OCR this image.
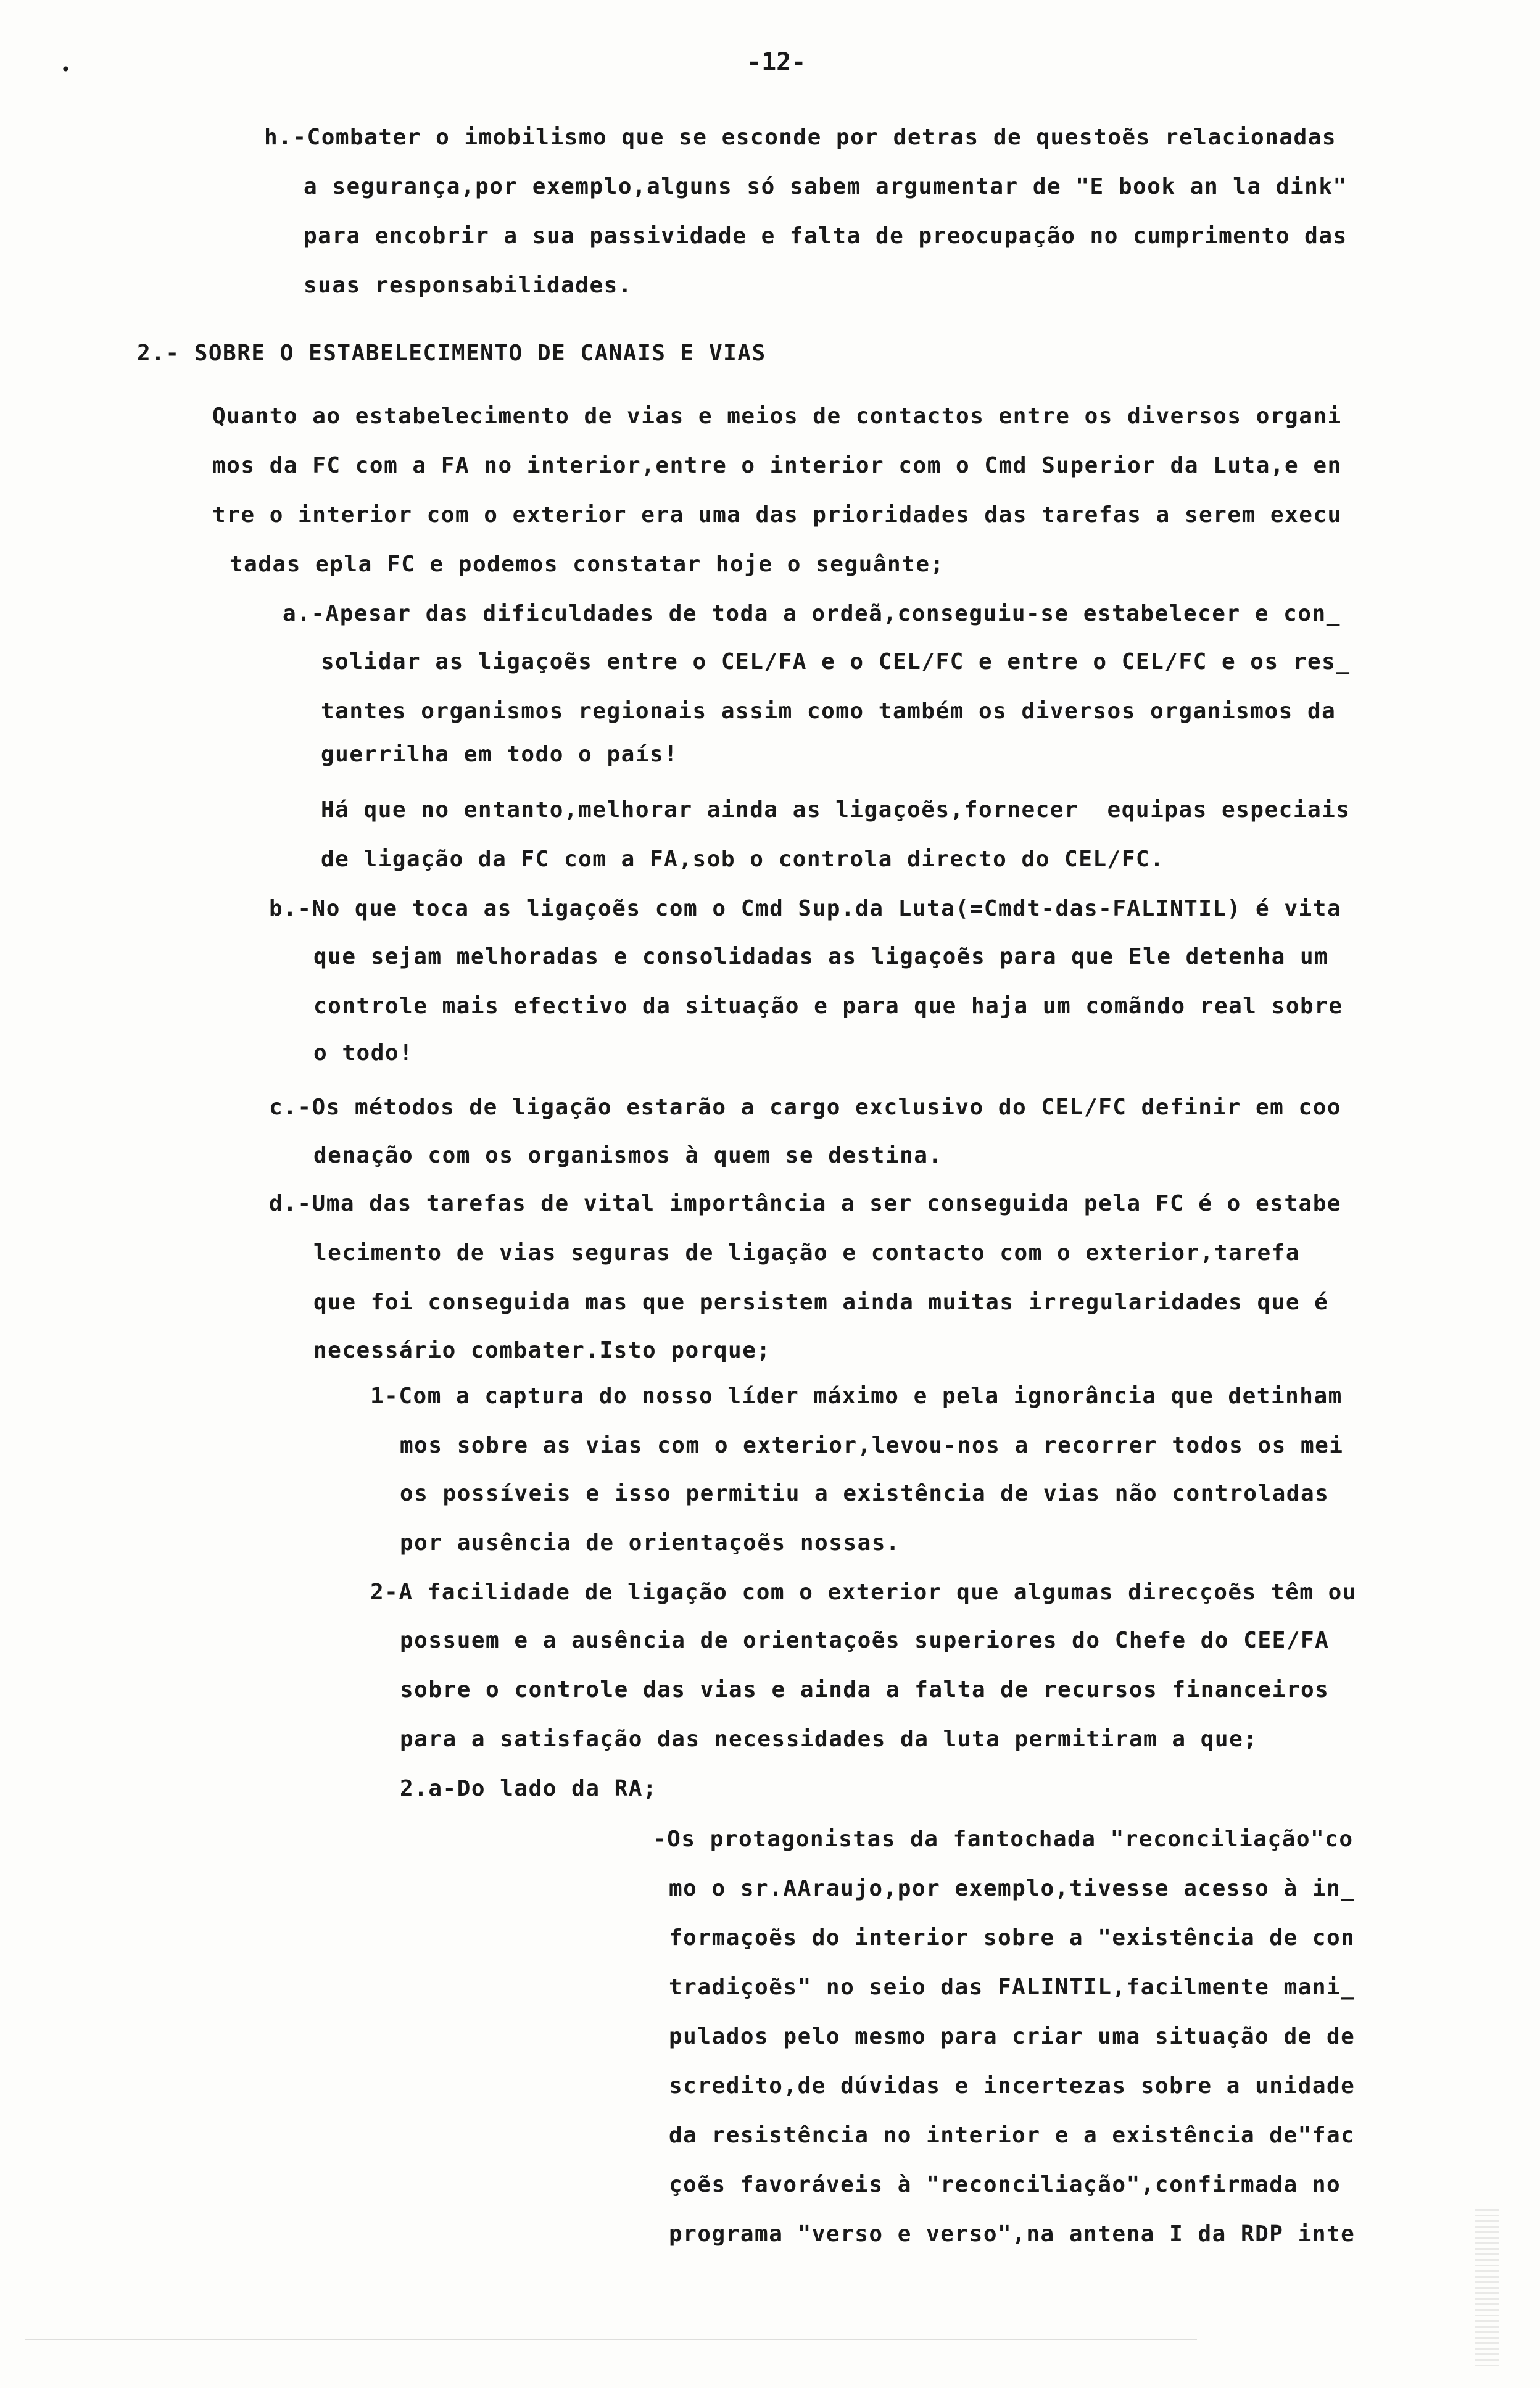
•	-12-
h.-Combater o imobilismo que se esconde por detras de questoẽs relacionadas
a segurança,por exemplo,alguns só sabem argumentar de "E book an la dink"
para encobrir a sua passividade e falta de preocupação no cumprimento das
suas responsabilidades.
2.- SOBRE O ESTABELECIMENTO DE CANAIS E VIAS
Quanto ao estabelecimento de vias e meios de contactos entre os diversos organi
mos da FC com a FA no interior,entre o interior com o Cmd Superior da Luta,e en
tre o interior com o exterior era uma das prioridades das tarefas a serem execu
tadas epla FC e podemos constatar hoje o seguânte;
a.-Apesar das dificuldades de toda a ordeã,conseguiu-se estabelecer e con_
solidar as ligaçoẽs entre o CEL/FA e o CEL/FC e entre o CEL/FC e os res_
tantes organismos regionais assim como também os diversos organismos da
guerrilha em todo o país!
Há que no entanto,melhorar ainda as ligaçoẽs,fornecer  equipas especiais
de ligação da FC com a FA,sob o controla directo do CEL/FC.
b.-No que toca as ligaçoẽs com o Cmd Sup.da Luta(=Cmdt-das-FALINTIL) é vita
que sejam melhoradas e consolidadas as ligaçoẽs para que Ele detenha um
controle mais efectivo da situação e para que haja um comãndo real sobre
o todo!
c.-Os métodos de ligação estarão a cargo exclusivo do CEL/FC definir em coo
denação com os organismos à quem se destina.
d.-Uma das tarefas de vital importância a ser conseguida pela FC é o estabe
lecimento de vias seguras de ligação e contacto com o exterior,tarefa
que foi conseguida mas que persistem ainda muitas irregularidades que é
necessário combater.Isto porque;
1-Com a captura do nosso líder máximo e pela ignorância que detinham
mos sobre as vias com o exterior,levou-nos a recorrer todos os mei
os possíveis e isso permitiu a existência de vias não controladas
por ausência de orientaçoẽs nossas.
2-A facilidade de ligação com o exterior que algumas direcçoẽs têm ou
possuem e a ausência de orientaçoẽs superiores do Chefe do CEE/FA
sobre o controle das vias e ainda a falta de recursos financeiros
para a satisfação das necessidades da luta permitiram a que;
2.a-Do lado da RA;
-Os protagonistas da fantochada "reconciliação"co
mo o sr.AAraujo,por exemplo,tivesse acesso à in_
formaçoẽs do interior sobre a "existência de con
tradiçoẽs" no seio das FALINTIL,facilmente mani_
pulados pelo mesmo para criar uma situação de de
scredito,de dúvidas e incertezas sobre a unidade
da resistência no interior e a existência de"fac
çoẽs favoráveis à "reconciliação",confirmada no
programa "verso e verso",na antena I da RDP inte
